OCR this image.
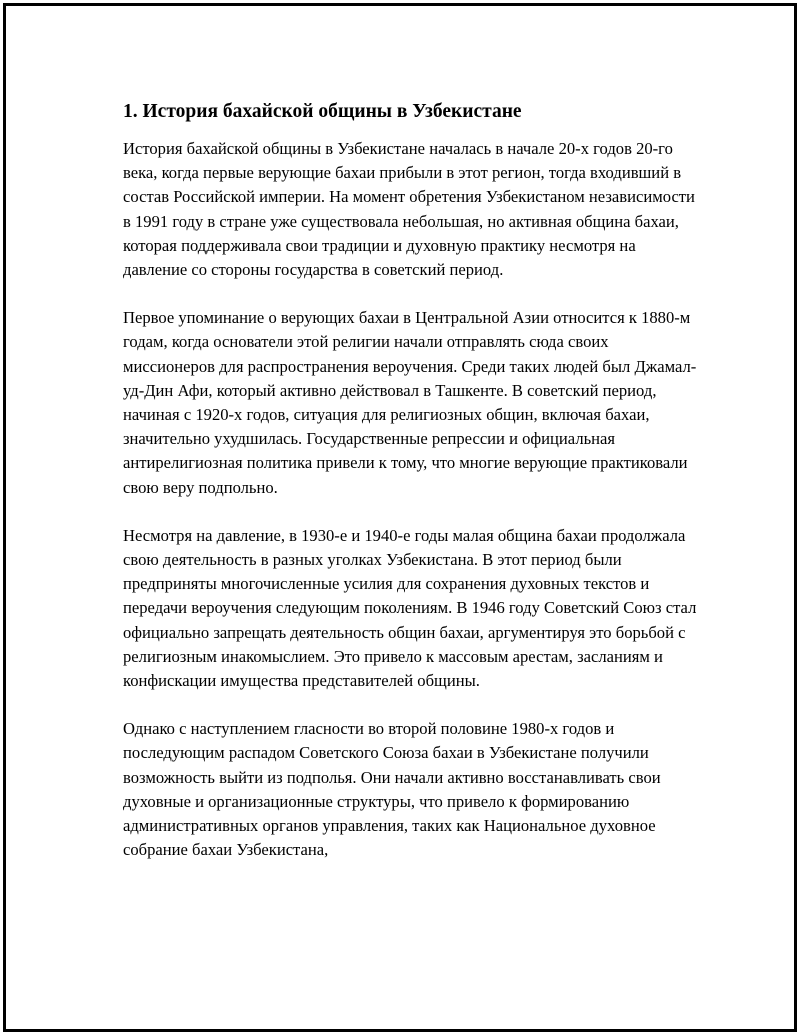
1. История бахайской общины в Узбекистане

История бахайской общины в Узбекистане началась в начале 20-х годов 20-го века, когда первые верующие бахаи прибыли в этот регион, тогда входивший в состав Российской империи. На момент обретения Узбекистаном независимости в 1991 году в стране уже существовала небольшая, но активная община бахаи, которая поддерживала свои традиции и духовную практику несмотря на давление со стороны государства в советский период.

Первое упоминание о верующих бахаи в Центральной Азии относится к 1880-м годам, когда основатели этой религии начали отправлять сюда своих миссионеров для распространения вероучения. Среди таких людей был Джамал-уд-Дин Афи, который активно действовал в Ташкенте. В советский период, начиная с 1920-х годов, ситуация для религиозных общин, включая бахаи, значительно ухудшилась. Государственные репрессии и официальная антирелигиозная политика привели к тому, что многие верующие практиковали свою веру подпольно.

Несмотря на давление, в 1930-е и 1940-е годы малая община бахаи продолжала свою деятельность в разных уголках Узбекистана. В этот период были предприняты многочисленные усилия для сохранения духовных текстов и передачи вероучения следующим поколениям. В 1946 году Советский Союз стал официально запрещать деятельность общин бахаи, аргументируя это борьбой с религиозным инакомыслием. Это привело к массовым арестам, засланиям и конфискации имущества представителей общины.

Однако с наступлением гласности во второй половине 1980-х годов и последующим распадом Советского Союза бахаи в Узбекистане получили возможность выйти из подполья. Они начали активно восстанавливать свои духовные и организационные структуры, что привело к формированию административных органов управления, таких как Национальное духовное собрание бахаи Узбекистана,
